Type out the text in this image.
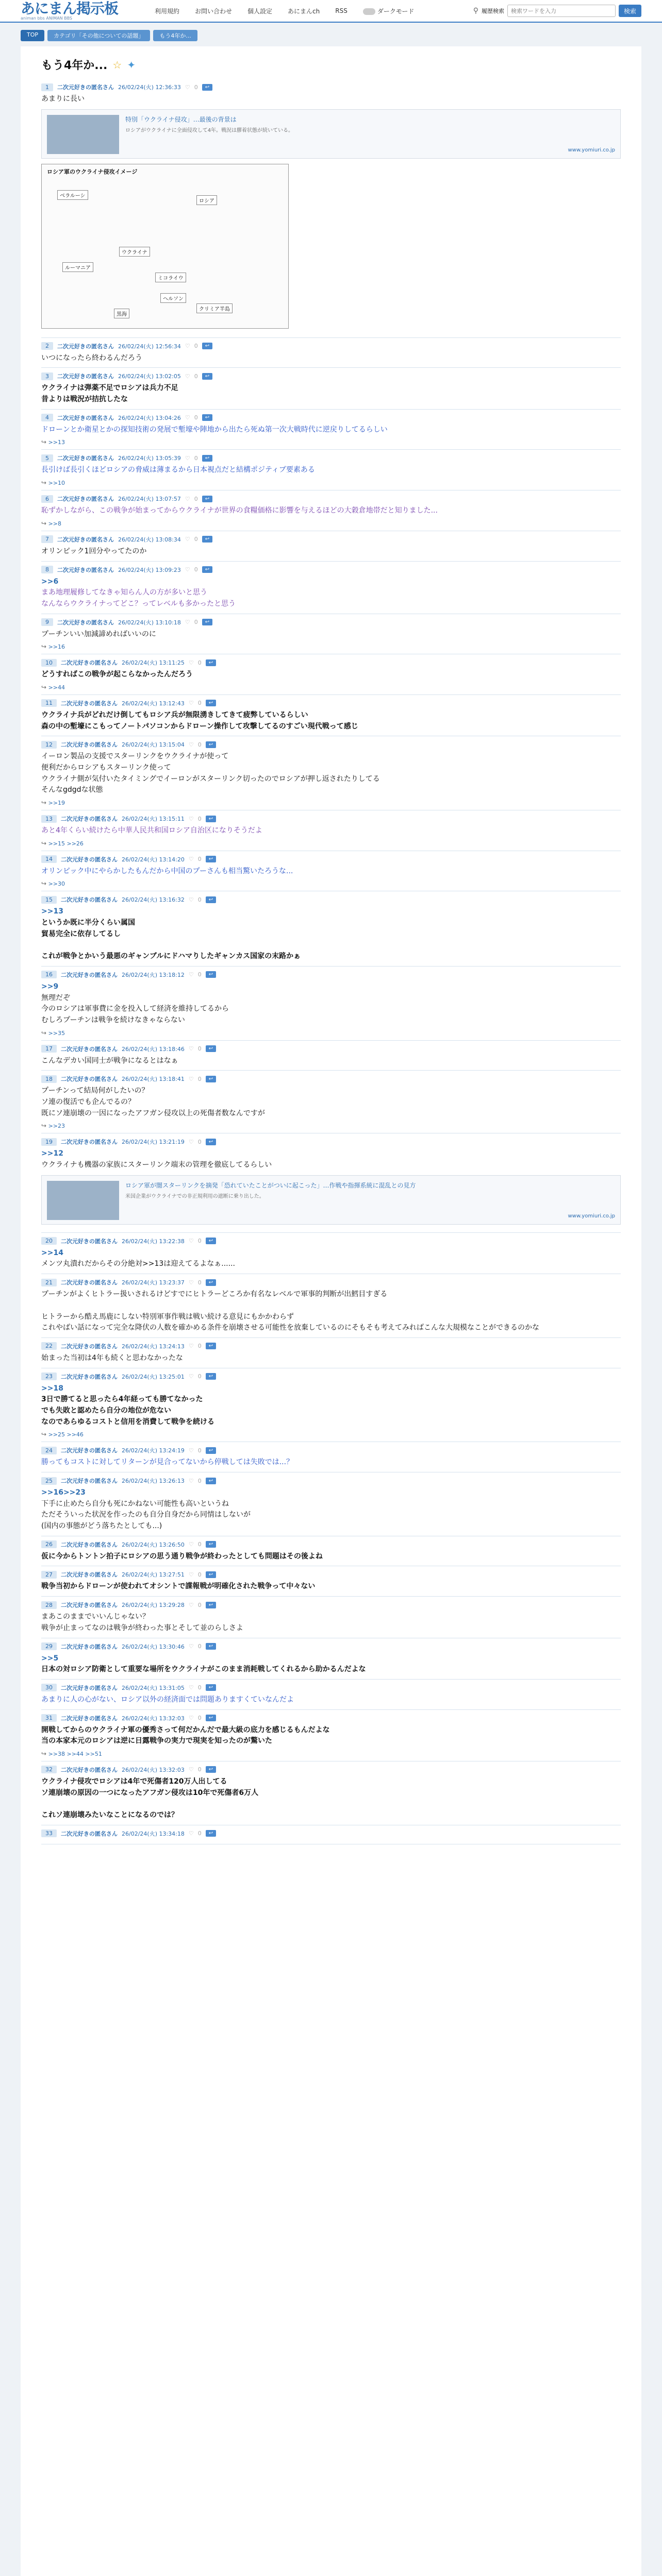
あにまん掲示板
animan bbs ANIMAN BBS
利用規約	お問い合わせ	個人設定	あにまんch	RSS	ダークモード	⚲ 履歴検索
検索ワードを入力	検索
TOP	カテゴリ「その他についての話題」	もう4年か...
もう4年か... ☆ ✦
1	二次元好きの匿名さん 26/02/24(火) 12:36:33 ♡ 0	↩
あまりに長い
特別「ウクライナ侵攻」…最後の背景は
ロシアがウクライナに全面侵攻して4年。戦況は膠着状態が続いている。
www.yomiuri.co.jp
ロシア軍のウクライナ侵攻イメージ
ベラルーシ
ロシア
ウクライナ
ルーマニア
ミコライウ
ヘルソン
クリミア半島
黒海
2	二次元好きの匿名さん 26/02/24(火) 12:56:34 ♡ 0	↩
いつになったら終わるんだろう
3	二次元好きの匿名さん 26/02/24(火) 13:02:05 ♡ 0	↩
ウクライナは弾薬不足でロシアは兵力不足
昔よりは戦況が拮抗したな
4	二次元好きの匿名さん 26/02/24(火) 13:04:26 ♡ 0	↩
ドローンとか衛星とかの探知技術の発展で塹壕や陣地から出たら死ぬ第一次大戦時代に逆戻りしてるらしい
↪ >>13
5	二次元好きの匿名さん 26/02/24(火) 13:05:39 ♡ 0	↩
長引けば長引くほどロシアの脅威は薄まるから日本視点だと結構ポジティブ要素ある
↪ >>10
6	二次元好きの匿名さん 26/02/24(火) 13:07:57 ♡ 0	↩
恥ずかしながら、この戦争が始まってからウクライナが世界の食糧価格に影響を与えるほどの大穀倉地帯だと知りました...
↪ >>8
7	二次元好きの匿名さん 26/02/24(火) 13:08:34 ♡ 0	↩
オリンピック1回分やってたのか
8	二次元好きの匿名さん 26/02/24(火) 13:09:23 ♡ 0	↩
>>6
まあ地理履修してなきゃ知らん人の方が多いと思う
なんならウクライナってどこ？ってレベルも多かったと思う
9	二次元好きの匿名さん 26/02/24(火) 13:10:18 ♡ 0	↩
プーチンいい加減諦めればいいのに
↪ >>16
10	二次元好きの匿名さん 26/02/24(火) 13:11:25 ♡ 0	↩
どうすればこの戦争が起こらなかったんだろう
↪ >>44
11	二次元好きの匿名さん 26/02/24(火) 13:12:43 ♡ 0	↩
ウクライナ兵がどれだけ倒してもロシア兵が無限湧きしてきて疲弊しているらしい
森の中の塹壕にこもってノートパソコンからドローン操作して攻撃してるのすごい現代戦って感じ
12	二次元好きの匿名さん 26/02/24(火) 13:15:04 ♡ 0	↩
イーロン製品の支援でスターリンクをウクライナが使って
便利だからロシアもスターリンク使って
ウクライナ側が気付いたタイミングでイーロンがスターリンク切ったのでロシアが押し返されたりしてる
そんなgdgdな状態
↪ >>19
13	二次元好きの匿名さん 26/02/24(火) 13:15:11 ♡ 0	↩
あと4年くらい続けたら中華人民共和国ロシア自治区になりそうだよ
↪ >>15 >>26
14	二次元好きの匿名さん 26/02/24(火) 13:14:20 ♡ 0	↩
オリンピック中にやらかしたもんだから中国のプーさんも相当驚いたろうな...
↪ >>30
15	二次元好きの匿名さん 26/02/24(火) 13:16:32 ♡ 0	↩
>>13
というか既に半分くらい属国
貿易完全に依存してるし

これが戦争とかいう最悪のギャンブルにドハマりしたギャンカス国家の末路かぁ
16	二次元好きの匿名さん 26/02/24(火) 13:18:12 ♡ 0	↩
>>9
無理だぞ
今のロシアは軍事費に金を投入して経済を維持してるから
むしろプーチンは戦争を続けなきゃならない
↪ >>35
17	二次元好きの匿名さん 26/02/24(火) 13:18:46 ♡ 0	↩
こんなデカい国同士が戦争になるとはなぁ
18	二次元好きの匿名さん 26/02/24(火) 13:18:41 ♡ 0	↩
プーチンって結局何がしたいの？
ソ連の復活でも企んでるの？
既にソ連崩壊の一因になったアフガン侵攻以上の死傷者数なんですが
↪ >>23
19	二次元好きの匿名さん 26/02/24(火) 13:21:19 ♡ 0	↩
>>12
ウクライナも機器の家族にスターリンク端末の管理を徹底してるらしい
ロシア軍が闇スターリンクを摘発「恐れていたことがついに起こった」…作戦や指揮系統に混乱との見方
米国企業がウクライナでの非正規利用の遮断に乗り出した。
www.yomiuri.co.jp
20	二次元好きの匿名さん 26/02/24(火) 13:22:38 ♡ 0	↩
>>14
メンツ丸潰れだからその分絶対>>13は迎えてるよなぁ......
21	二次元好きの匿名さん 26/02/24(火) 13:23:37 ♡ 0	↩
プーチンがよくヒトラー扱いされるけどすでにヒトラーどころか有名なレベルで軍事的判断が出鱈目すぎる

ヒトラーから酷え馬鹿にしない特別軍事作戦は戦い続ける意見にもかかわらず
これやばい話になって完全な降伏の人数を確かめる条件を崩壊させる可能性を放棄しているのにそもそも考えてみればこんな大規模なことができるのかな
22	二次元好きの匿名さん 26/02/24(火) 13:24:13 ♡ 0	↩
始まった当初は4年も続くと思わなかったな
23	二次元好きの匿名さん 26/02/24(火) 13:25:01 ♡ 0	↩
>>18
3日で勝てると思ったら4年経っても勝てなかった
でも失敗と認めたら自分の地位が危ない
なのであらゆるコストと信用を消費して戦争を続ける
↪ >>25 >>46
24	二次元好きの匿名さん 26/02/24(火) 13:24:19 ♡ 0	↩
勝ってもコストに対してリターンが見合ってないから停戦しては失敗では...？
25	二次元好きの匿名さん 26/02/24(火) 13:26:13 ♡ 0	↩
>>16>>23
下手に止めたら自分も死にかねない可能性も高いというね
ただそういった状況を作ったのも自分自身だから同情はしないが
(国内の事態がどう落ちたとしても...)
26	二次元好きの匿名さん 26/02/24(火) 13:26:50 ♡ 0	↩
仮に今からトントン拍子にロシアの思う通り戦争が終わったとしても問題はその後よね
27	二次元好きの匿名さん 26/02/24(火) 13:27:51 ♡ 0	↩
戦争当初からドローンが使われてオシントで諜報戦が明確化された戦争って中々ない
28	二次元好きの匿名さん 26/02/24(火) 13:29:28 ♡ 0	↩
まあこのままでいいんじゃない？
戦争が止まってなのは戦争が終わった事とそして並のらしさよ
29	二次元好きの匿名さん 26/02/24(火) 13:30:46 ♡ 0	↩
>>5
日本の対ロシア防衛として重要な場所をウクライナがこのまま消耗戦してくれるから助かるんだよな
30	二次元好きの匿名さん 26/02/24(火) 13:31:05 ♡ 0	↩
あまりに人の心がない、ロシア以外の経済面では問題ありますくていなんだよ
31	二次元好きの匿名さん 26/02/24(火) 13:32:03 ♡ 0	↩
開戦してからのウクライナ軍の優秀さって何だかんだで最大級の底力を感じるもんだよな
当の本家本元のロシアは逆に日露戦争の実力で現実を知ったのが驚いた
↪ >>38 >>44 >>51
32	二次元好きの匿名さん 26/02/24(火) 13:32:03 ♡ 0	↩
ウクライナ侵攻でロシアは4年で死傷者120万人出してる
ソ連崩壊の原因の一つになったアフガン侵攻は10年で死傷者6万人

これソ連崩壊みたいなことになるのでは？
33	二次元好きの匿名さん 26/02/24(火) 13:34:18 ♡ 0	↩
